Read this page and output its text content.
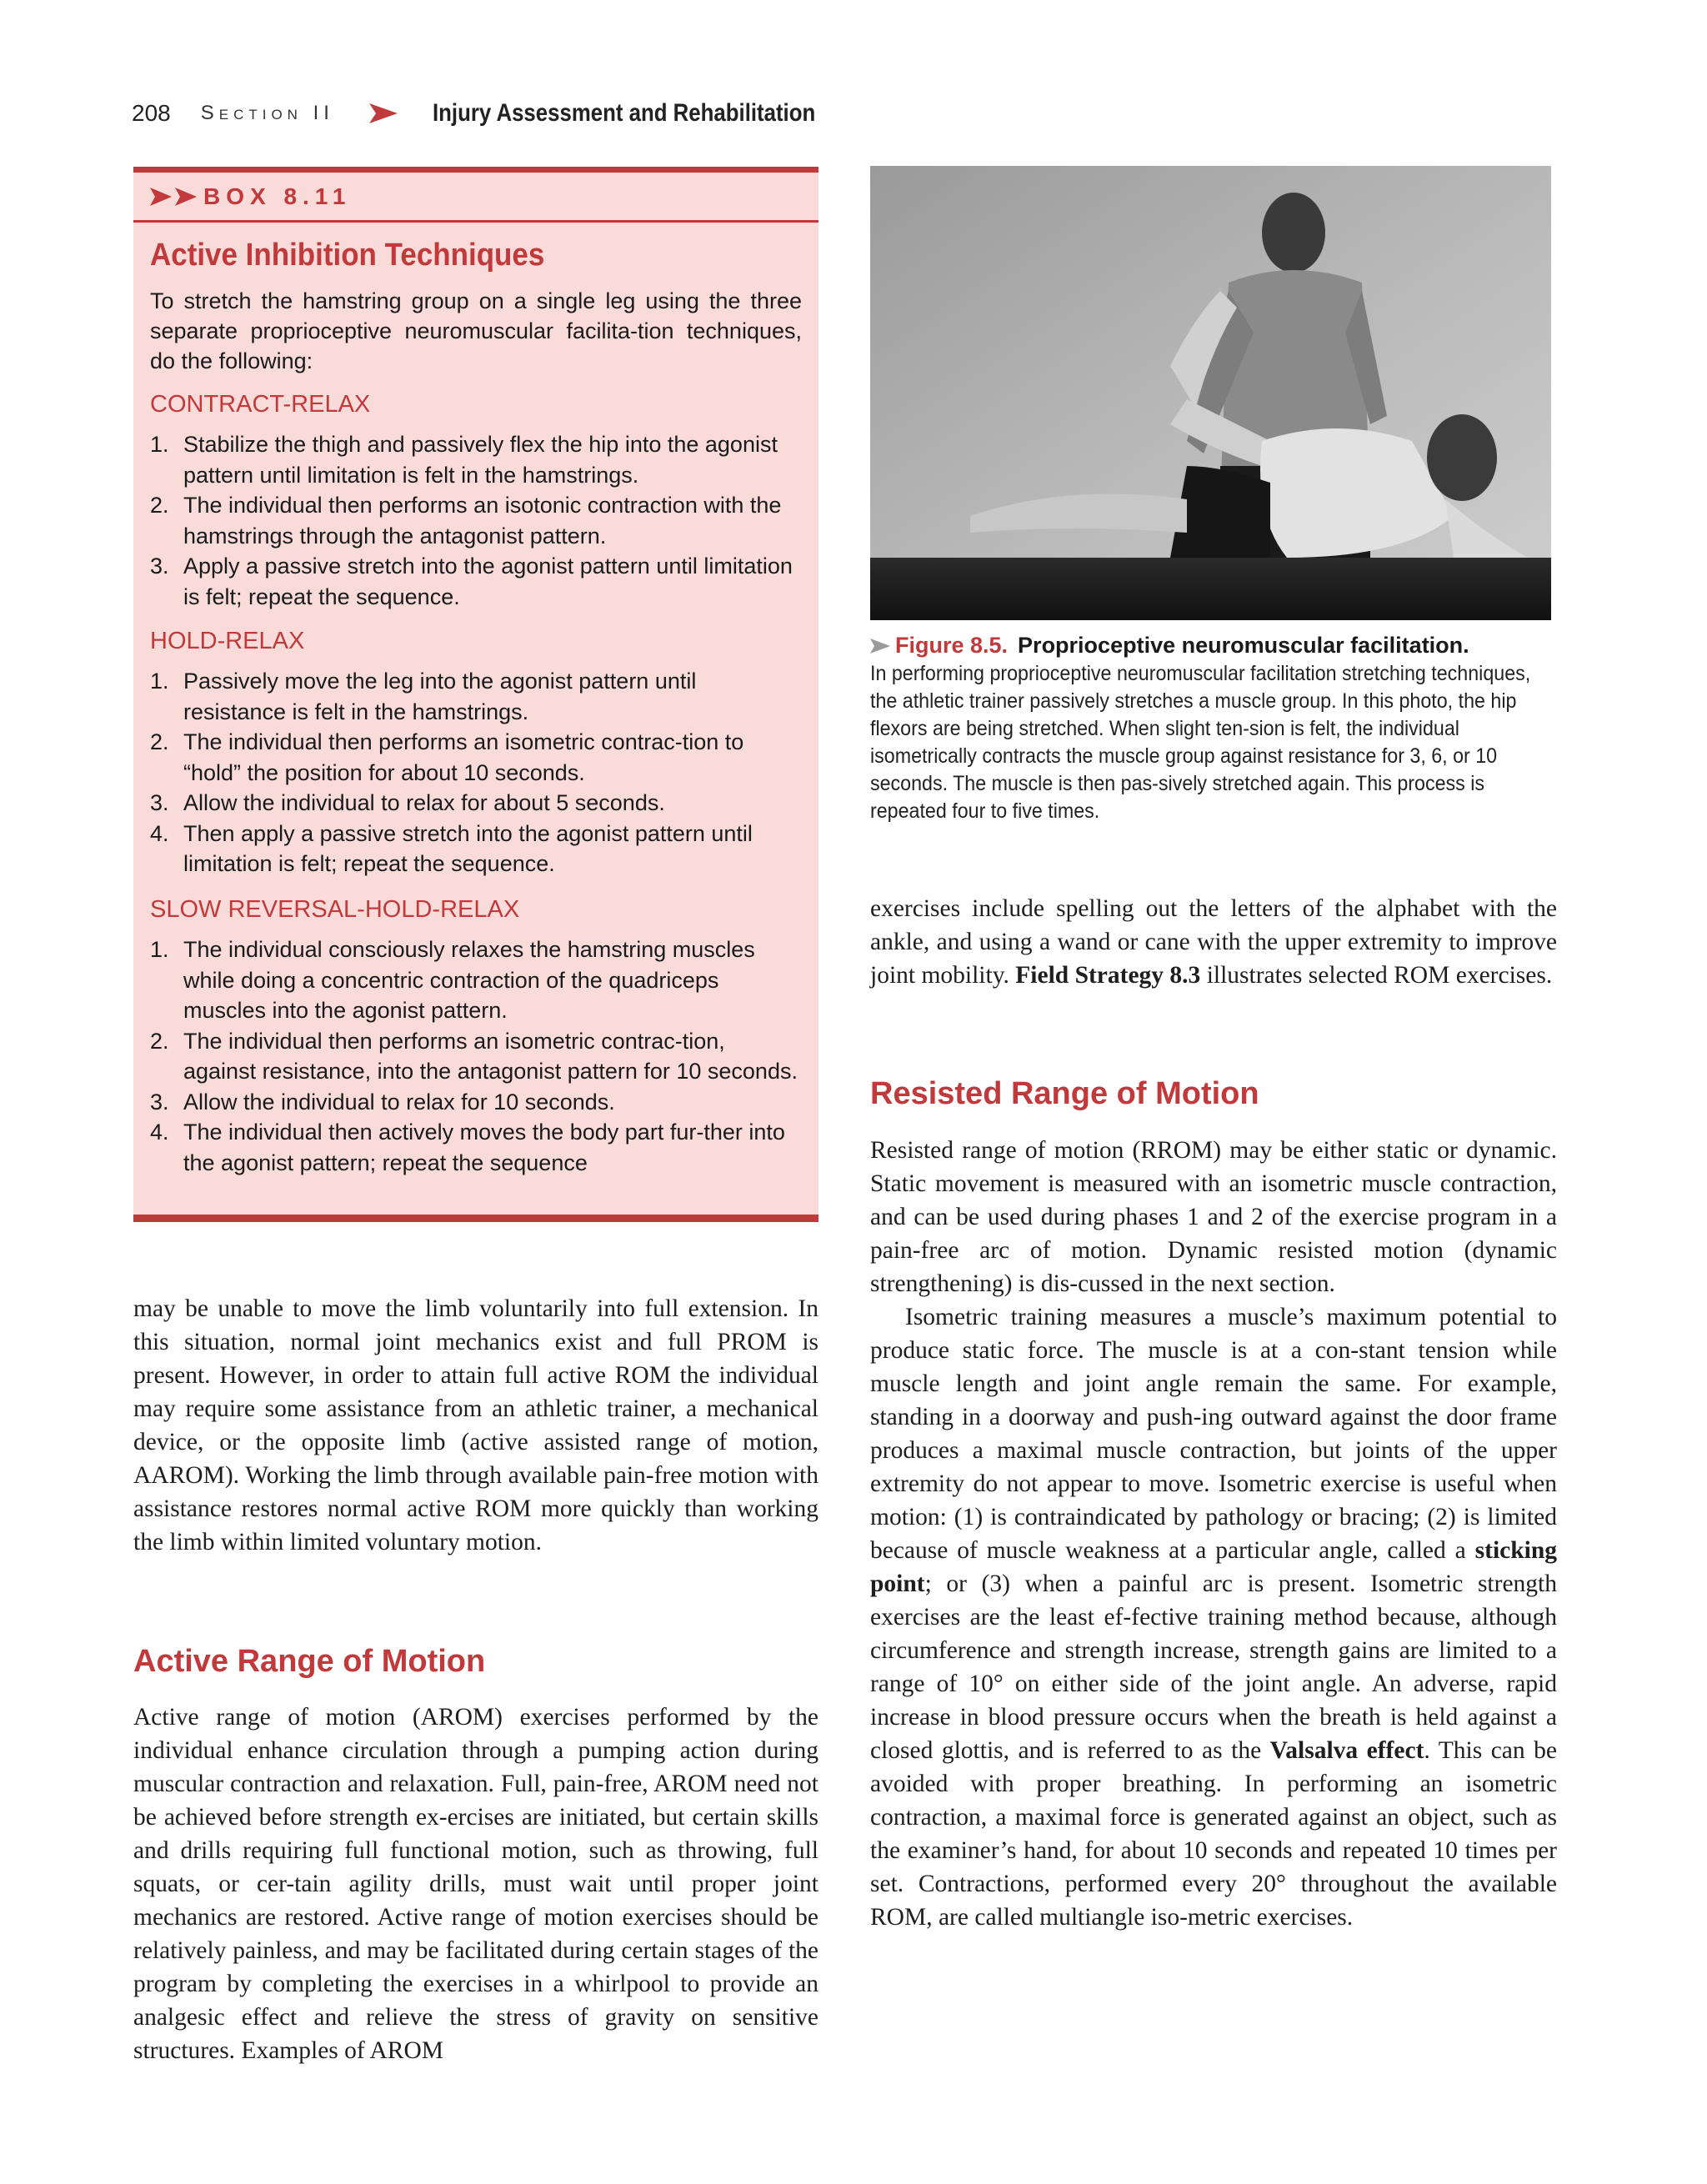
208 Section II	Injury Assessment and Rehabilitation
BOX 8.11
Active Inhibition Techniques
To stretch the hamstring group on a single leg using the three separate proprioceptive neuromuscular facilita-tion techniques, do the following:
CONTRACT-RELAX
1. Stabilize the thigh and passively flex the hip into the agonist pattern until limitation is felt in the hamstrings.
2. The individual then performs an isotonic contraction with the hamstrings through the antagonist pattern.
3. Apply a passive stretch into the agonist pattern until limitation is felt; repeat the sequence.
HOLD-RELAX
1. Passively move the leg into the agonist pattern until resistance is felt in the hamstrings.
2. The individual then performs an isometric contrac-tion to “hold” the position for about 10 seconds.
3. Allow the individual to relax for about 5 seconds.
4. Then apply a passive stretch into the agonist pattern until limitation is felt; repeat the sequence.
SLOW REVERSAL-HOLD-RELAX
1. The individual consciously relaxes the hamstring muscles while doing a concentric contraction of the quadriceps muscles into the agonist pattern.
2. The individual then performs an isometric contrac-tion, against resistance, into the antagonist pattern for 10 seconds.
3. Allow the individual to relax for 10 seconds.
4. The individual then actively moves the body part fur-ther into the agonist pattern; repeat the sequence
Figure 8.5. Proprioceptive neuromuscular facilitation.
In performing proprioceptive neuromuscular facilitation stretching techniques, the athletic trainer passively stretches a muscle group. In this photo, the hip flexors are being stretched. When slight ten-sion is felt, the individual isometrically contracts the muscle group against resistance for 3, 6, or 10 seconds. The muscle is then pas-sively stretched again. This process is repeated four to five times.

may be unable to move the limb voluntarily into full extension. In this situation, normal joint mechanics exist and full PROM is present. However, in order to attain full active ROM the individual may require some assistance from an athletic trainer, a mechanical device, or the opposite limb (active assisted range of motion, AAROM). Working the limb through available pain-free motion with assistance restores normal active ROM more quickly than working the limb within limited voluntary motion.

Active Range of Motion

Active range of motion (AROM) exercises performed by the individual enhance circulation through a pumping action during muscular contraction and relaxation. Full, pain-free, AROM need not be achieved before strength ex-ercises are initiated, but certain skills and drills requiring full functional motion, such as throwing, full squats, or cer-tain agility drills, must wait until proper joint mechanics are restored. Active range of motion exercises should be relatively painless, and may be facilitated during certain stages of the program by completing the exercises in a whirlpool to provide an analgesic effect and relieve the stress of gravity on sensitive structures. Examples of AROM

exercises include spelling out the letters of the alphabet with the ankle, and using a wand or cane with the upper extremity to improve joint mobility. Field Strategy 8.3 illustrates selected ROM exercises.

Resisted Range of Motion

Resisted range of motion (RROM) may be either static or dynamic. Static movement is measured with an isometric muscle contraction, and can be used during phases 1 and 2 of the exercise program in a pain-free arc of motion. Dynamic resisted motion (dynamic strengthening) is dis-cussed in the next section.

Isometric training measures a muscle’s maximum potential to produce static force. The muscle is at a con-stant tension while muscle length and joint angle remain the same. For example, standing in a doorway and push-ing outward against the door frame produces a maximal muscle contraction, but joints of the upper extremity do not appear to move. Isometric exercise is useful when motion: (1) is contraindicated by pathology or bracing; (2) is limited because of muscle weakness at a particular angle, called a sticking point; or (3) when a painful arc is present. Isometric strength exercises are the least ef-fective training method because, although circumference and strength increase, strength gains are limited to a range of 10° on either side of the joint angle. An adverse, rapid increase in blood pressure occurs when the breath is held against a closed glottis, and is referred to as the Valsalva effect. This can be avoided with proper breathing. In performing an isometric contraction, a maximal force is generated against an object, such as the examiner’s hand, for about 10 seconds and repeated 10 times per set. Contractions, performed every 20° throughout the available ROM, are called multiangle iso-metric exercises.
